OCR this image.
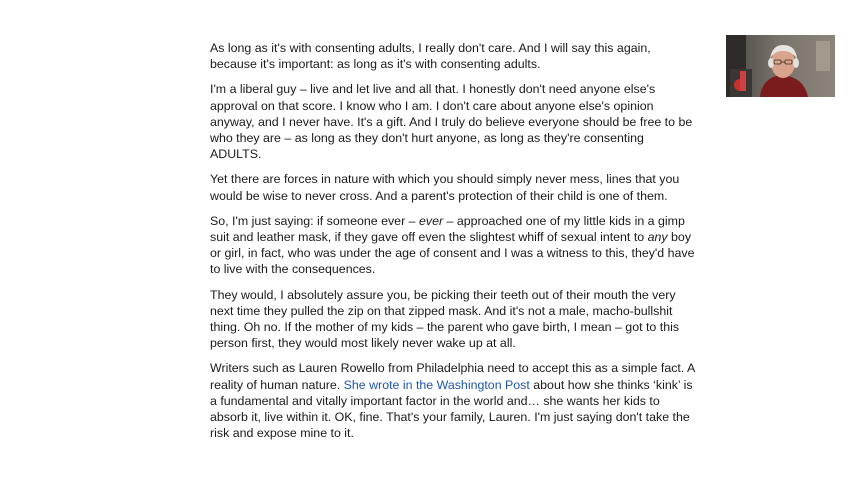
As long as it's with consenting adults, I really don't care. And I will say this again, because it's important: as long as it's with consenting adults.

I'm a liberal guy – live and let live and all that. I honestly don't need anyone else's approval on that score. I know who I am. I don't care about anyone else's opinion anyway, and I never have. It's a gift. And I truly do believe everyone should be free to be who they are – as long as they don't hurt anyone, as long as they're consenting ADULTS.

Yet there are forces in nature with which you should simply never mess, lines that you would be wise to never cross. And a parent's protection of their child is one of them.

So, I'm just saying: if someone ever – ever – approached one of my little kids in a gimp suit and leather mask, if they gave off even the slightest whiff of sexual intent to any boy or girl, in fact, who was under the age of consent and I was a witness to this, they'd have to live with the consequences.

They would, I absolutely assure you, be picking their teeth out of their mouth the very next time they pulled the zip on that zipped mask. And it's not a male, macho-bullshit thing. Oh no. If the mother of my kids – the parent who gave birth, I mean – got to this person first, they would most likely never wake up at all.

Writers such as Lauren Rowello from Philadelphia need to accept this as a simple fact. A reality of human nature. She wrote in the Washington Post about how she thinks ‘kink’ is a fundamental and vitally important factor in the world and… she wants her kids to absorb it, live within it. OK, fine. That's your family, Lauren. I'm just saying don't take the risk and expose mine to it.
